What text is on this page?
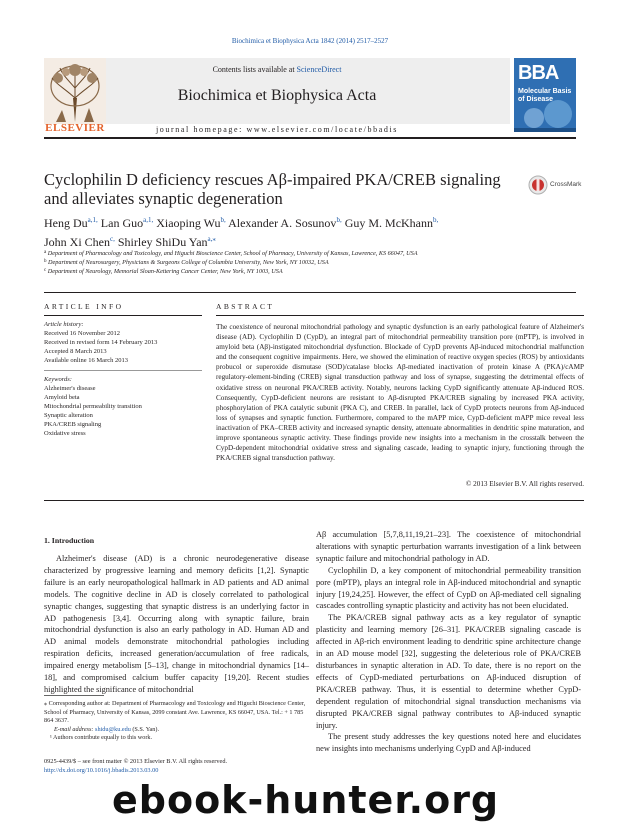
Biochimica et Biophysica Acta 1842 (2014) 2517–2527
Contents lists available at ScienceDirect
Biochimica et Biophysica Acta
journal homepage: www.elsevier.com/locate/bbadis
ELSEVIER
BBA
Molecular Basis of Disease
Cyclophilin D deficiency rescues Aβ-impaired PKA/CREB signaling and alleviates synaptic degeneration
CrossMark
Heng $Du^{a,1,}$ Lan Guo$^{a,1,}$ Xiaoping $Wu^{b,}$ Alexander A. Sosunov$^{b,}$ Guy M. McKhann$^{b,}$
John Xi Chen$^{c,}$ Shirley ShiDu Yan$^{a,⁎}$
$^a$ Department of Pharmacology and Toxicology, and Higuchi Bioscience Center, School of Pharmacy, University of Kansas, Lawrence, KS 66047, USA
$^b$ Department of Neurosurgery, Physicians & Surgeons College of Columbia University, New York, NY 10032, USA
$^c$ Department of Neurology, Memorial Sloan-Kettering Cancer Center, New York, NY 1003, USA
ARTICLE INFO
Article history:
Received 16 November 2012
Received in revised form 14 February 2013
Accepted 8 March 2013
Available online 16 March 2013
Keywords:
Alzheimer's disease
Amyloid beta
Mitochondrial permeability transition
Synaptic alteration
PKA/CREB signaling
Oxidative stress
ABSTRACT
The coexistence of neuronal mitochondrial pathology and synaptic dysfunction is an early pathological feature of Alzheimer's disease (AD). Cyclophilin D (CypD), an integral part of mitochondrial permeability transition pore (mPTP), is involved in amyloid beta (Aβ)-instigated mitochondrial dysfunction. Blockade of CypD prevents Aβ-induced mitochondrial malfunction and the consequent cognitive impairments. Here, we showed the elimination of reactive oxygen species (ROS) by antioxidants probucol or superoxide dismutase (SOD)/catalase blocks Aβ-mediated inactivation of protein kinase A (PKA)/cAMP regulatory-element-binding (CREB) signal transduction pathway and loss of synapse, suggesting the detrimental effects of oxidative stress on neuronal PKA/CREB activity. Notably, neurons lacking CypD significantly attenuate Aβ-induced ROS. Consequently, CypD-deficient neurons are resistant to Aβ-disrupted PKA/CREB signaling by increased PKA activity, phosphorylation of PKA catalytic subunit (PKA C), and CREB. In parallel, lack of CypD protects neurons from Aβ-induced loss of synapses and synaptic function. Furthermore, compared to the mAPP mice, CypD-deficient mAPP mice reveal less inactivation of PKA–CREB activity and increased synaptic density, attenuate abnormalities in dendritic spine maturation, and improve spontaneous synaptic activity. These findings provide new insights into a mechanism in the crosstalk between the CypD-dependent mitochondrial oxidative stress and signaling cascade, leading to synaptic injury, functioning through the PKA/CREB signal transduction pathway.
© 2013 Elsevier B.V. All rights reserved.
1. Introduction

Alzheimer's disease (AD) is a chronic neurodegenerative disease characterized by progressive learning and memory deficits [1,2]. Synaptic failure is an early neuropathological hallmark in AD patients and AD animal models. The cognitive decline in AD is closely correlated to pathological synaptic changes, suggesting that synaptic distress is an underlying factor in AD pathogenesis [3,4]. Occurring along with synaptic failure, brain mitochondrial dysfunction is also an early pathology in AD. Human AD and AD animal models demonstrate mitochondrial pathologies including respiration deficits, increased generation/accumulation of free radicals, impaired energy metabolism [5–13], change in mitochondrial dynamics [14–18], and compromised calcium buffer capacity [19,20]. Recent studies highlighted the significance of mitochondrial

Aβ accumulation [5,7,8,11,19,21–23]. The coexistence of mitochondrial alterations with synaptic perturbation warrants investigation of a link between synaptic failure and mitochondrial pathology in AD.

Cyclophilin D, a key component of mitochondrial permeability transition pore (mPTP), plays an integral role in Aβ-induced mitochondrial and synaptic injury [19,24,25]. However, the effect of CypD on Aβ-mediated cell signaling cascades controlling synaptic plasticity and activity has not been elucidated.

The PKA/CREB signal pathway acts as a key regulator of synaptic plasticity and learning memory [26–31]. PKA/CREB signaling cascade is affected in Aβ-rich environment leading to dendritic spine architecture change in an AD mouse model [32], suggesting the deleterious role of PKA/CREB disturbances in synaptic alteration in AD. To date, there is no report on the effects of CypD-mediated perturbations on Aβ-induced disruption of PKA/CREB pathway. Thus, it is essential to determine whether CypD-dependent regulation of mitochondrial signal transduction mechanisms via disrupted PKA/CREB signal pathway contributes to Aβ-induced synaptic injury.

The present study addresses the key questions noted here and elucidates new insights into mechanisms underlying CypD and Aβ-induced

⁎ Corresponding author at: Department of Pharmacology and Toxicology and Higuchi Bioscience Center, School of Pharmacy, University of Kansas, 2099 constant Ave. Lawrence, KS 66047, USA. Tel.: + 1 785 864 3637.
E-mail address: shidu@ku.edu (S.S. Yan).
¹ Authors contribute equally to this work.
0925-4439/$ – see front matter © 2013 Elsevier B.V. All rights reserved.
http://dx.doi.org/10.1016/j.bbadis.2013.03.00
ebook-hunter.org
